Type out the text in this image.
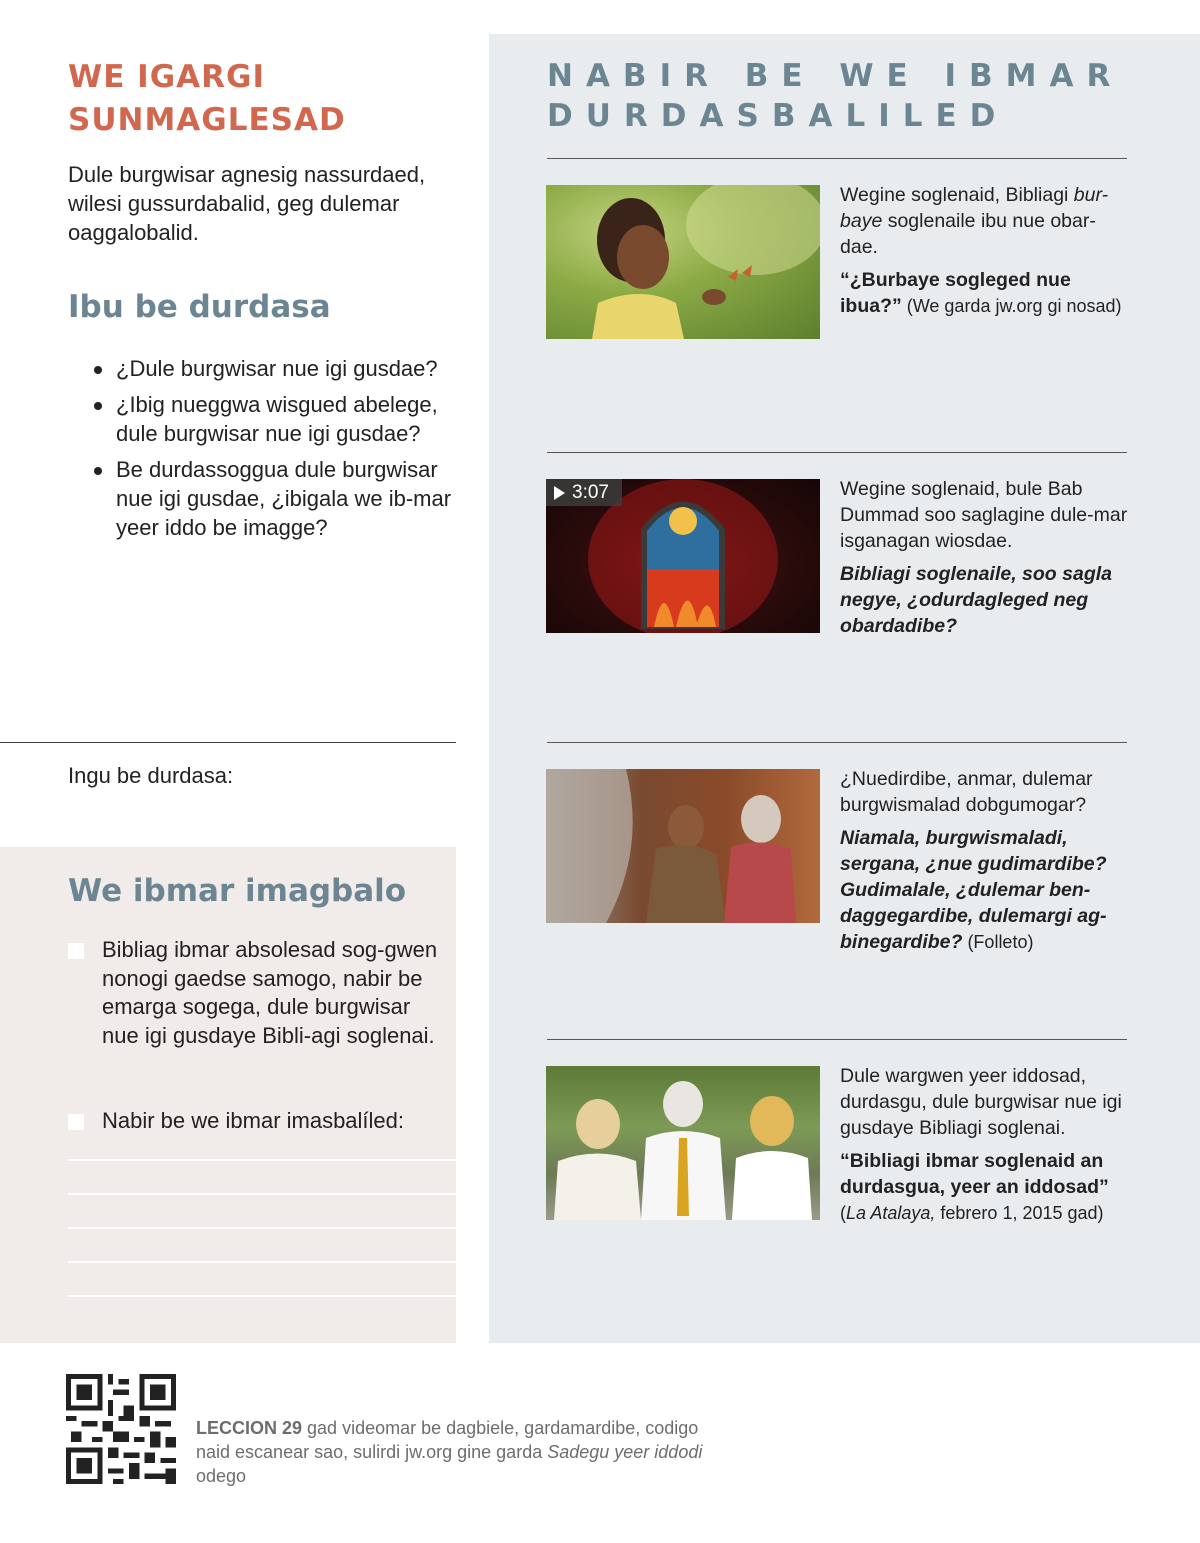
WE IGARGI
SUNMAGLESAD
Dule burgwisar agnesig nassurdaed, wilesi gussurdabalid, geg dulemar oaggalobalid.
Ibu be durdasa
¿Dule burgwisar nue igi gusdae?
¿Ibig nueggwa wisgued abelege, dule burgwisar nue igi gusdae?
Be durdassoggua dule burgwisar nue igi gusdae, ¿ibigala we ib-mar yeer iddo be imagge?
Ingu be durdasa:
We ibmar imagbalo
Bibliag ibmar absolesad sog-gwen nonogi gaedse samogo, nabir be emarga sogega, dule burgwisar nue igi gusdaye Bibli-agi soglenai.
Nabir be we ibmar imasbalíled:
NABIR BE WE IBMAR
DURDASBALILED
Wegine soglenaid, Bibliagi bur-baye soglenaile ibu nue obar-dae.
“¿Burbaye sogleged nue ibua?” (We garda jw.org gi nosad)
3:07	Wegine soglenaid, bule Bab Dummad soo saglagine dule-mar isganagan wiosdae.
Bibliagi soglenaile, soo sagla negye, ¿odurdagleged neg obardadibe?
¿Nuedirdibe, anmar, dulemar burgwismalad dobgumogar?
Niamala, burgwismaladi, sergana, ¿nue gudimardibe? Gudimalale, ¿dulemar ben-daggegardibe, dulemargi ag-binegardibe? (Folleto)
Dule wargwen yeer iddosad, durdasgu, dule burgwisar nue igi gusdaye Bibliagi soglenai.
“Bibliagi ibmar soglenaid an durdasgua, yeer an iddosad”
(La Atalaya, febrero 1, 2015 gad)
LECCION 29 gad videomar be dagbiele, gardamardibe, codigo naid escanear sao, sulirdi jw.org gine garda Sadegu yeer iddodi odego
